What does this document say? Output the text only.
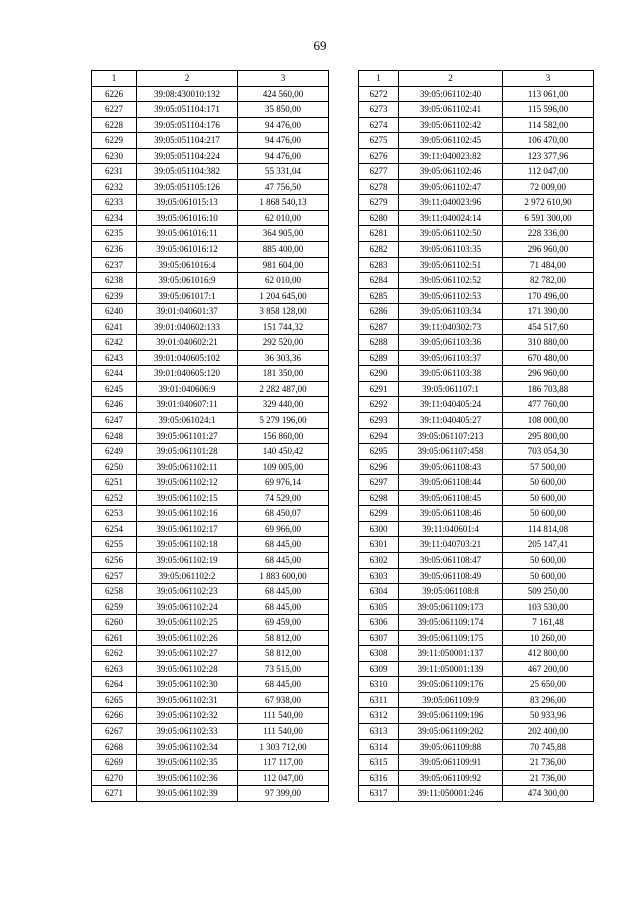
69
1	2	3
6226	39:08:430010:132	424 560,00
6227	39:05:051104:171	35 850,00
6228	39:05:051104:176	94 476,00
6229	39:05:051104:217	94 476,00
6230	39:05:051104:224	94 476,00
6231	39:05:051104:382	55 331,04
6232	39:05:051105:126	47 756,50
6233	39:05:061015:13	1 868 540,13
6234	39:05:061016:10	62 010,00
6235	39:05:061016:11	364 905,00
6236	39:05:061016:12	885 400,00
6237	39:05:061016:4	981 604,00
6238	39:05:061016:9	62 010,00
6239	39:05:061017:1	1 204 645,00
6240	39:01:040601:37	3 858 128,00
6241	39:01:040602:133	151 744,32
6242	39:01:040602:21	292 520,00
6243	39:01:040605:102	36 303,36
6244	39:01:040605:120	181 350,00
6245	39:01:040606:9	2 282 487,00
6246	39:01:040607:11	329 440,00
6247	39:05:061024:1	5 279 196,00
6248	39:05:061101:27	156 860,00
6249	39:05:061101:28	140 450,42
6250	39:05:061102:11	109 005,00
6251	39:05:061102:12	69 976,14
6252	39:05:061102:15	74 529,00
6253	39:05:061102:16	68 450,07
6254	39:05:061102:17	69 966,00
6255	39:05:061102:18	68 445,00
6256	39:05:061102:19	68 445,00
6257	39:05:061102:2	1 883 600,00
6258	39:05:061102:23	68 445,00
6259	39:05:061102:24	68 445,00
6260	39:05:061102:25	69 459,00
6261	39:05:061102:26	58 812,00
6262	39:05:061102:27	58 812,00
6263	39:05:061102:28	73 515,00
6264	39:05:061102:30	68 445,00
6265	39:05:061102:31	67 938,00
6266	39:05:061102:32	111 540,00
6267	39:05:061102:33	111 540,00
6268	39:05:061102:34	1 303 712,00
6269	39:05:061102:35	117 117,00
6270	39:05:061102:36	112 047,00
6271	39:05:061102:39	97 399,00
1	2	3
6272	39:05:061102:40	113 061,00
6273	39:05:061102:41	115 596,00
6274	39:05:061102:42	114 582,00
6275	39:05:061102:45	106 470,00
6276	39:11:040023:82	123 377,96
6277	39:05:061102:46	112 047,00
6278	39:05:061102:47	72 009,00
6279	39:11:040023:96	2 972 610,90
6280	39:11:040024:14	6 591 300,00
6281	39:05:061102:50	228 336,00
6282	39:05:061103:35	296 960,00
6283	39:05:061102:51	71 484,00
6284	39:05:061102:52	82 782,00
6285	39:05:061102:53	170 496,00
6286	39:05:061103:34	171 390,00
6287	39:11:040302:73	454 517,60
6288	39:05:061103:36	310 880,00
6289	39:05:061103:37	670 480,00
6290	39:05:061103:38	296 960,00
6291	39:05:061107:1	186 703,88
6292	39:11:040405:24	477 760,00
6293	39:11:040405:27	108 000,00
6294	39:05:061107:213	295 800,00
6295	39:05:061107:458	703 054,30
6296	39:05:061108:43	57 500,00
6297	39:05:061108:44	50 600,00
6298	39:05:061108:45	50 600,00
6299	39:05:061108:46	50 600,00
6300	39:11:040601:4	114 814,08
6301	39:11:040703:21	205 147,41
6302	39:05:061108:47	50 600,00
6303	39:05:061108:49	50 600,00
6304	39:05:061108:8	509 250,00
6305	39:05:061109:173	103 530,00
6306	39:05:061109:174	7 161,48
6307	39:05:061109:175	10 260,00
6308	39:11:050001:137	412 800,00
6309	39:11:050001:139	467 200,00
6310	39:05:061109:176	25 650,00
6311	39:05:061109:9	83 296,00
6312	39:05:061109:196	50 933,96
6313	39:05:061109:202	202 400,00
6314	39:05:061109:88	70 745,88
6315	39:05:061109:91	21 736,00
6316	39:05:061109:92	21 736,00
6317	39:11:050001:246	474 300,00
